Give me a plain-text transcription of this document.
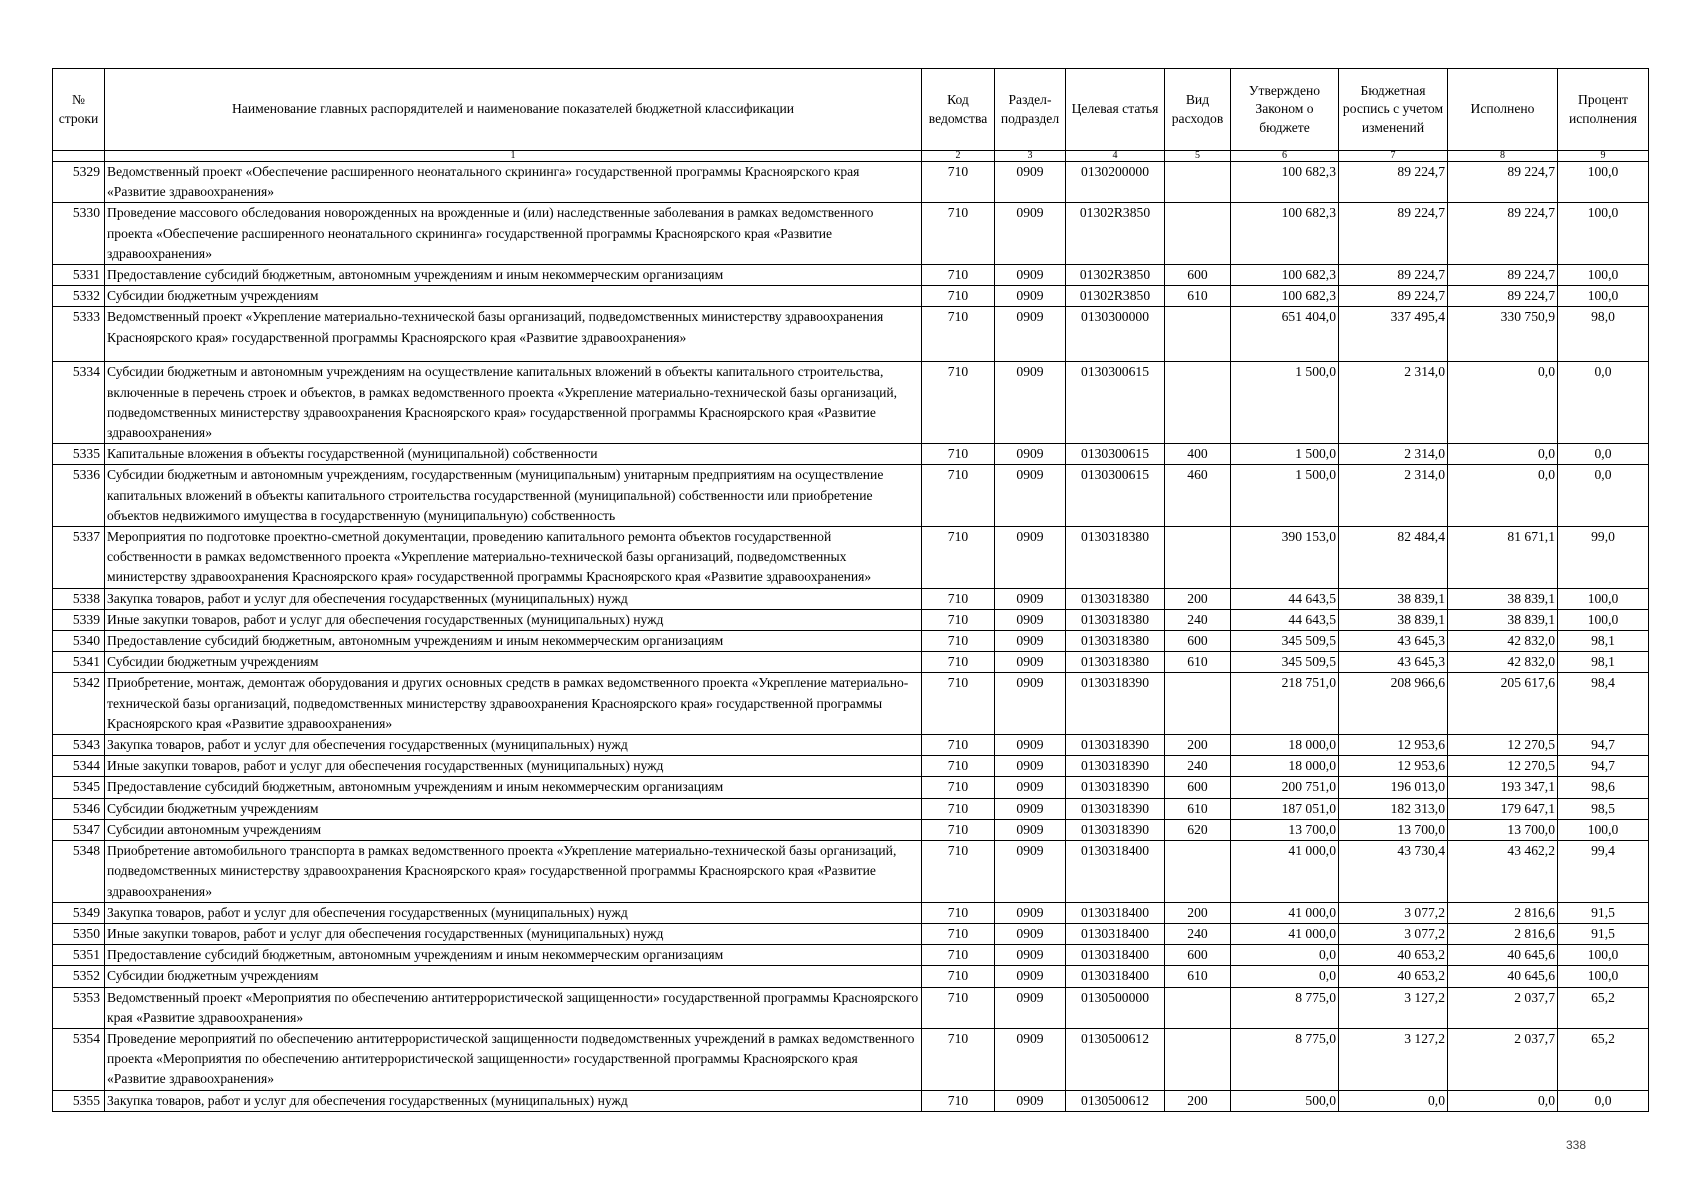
№ строки	Наименование главных распорядителей и наименование показателей бюджетной классификации	Код ведомства	Раздел-подраздел	Целевая статья	Вид расходов	Утверждено Законом о бюджете	Бюджетная роспись с учетом изменений	Исполнено	Процент исполнения
	1	2	3	4	5	6	7	8	9
5329	Ведомственный проект «Обеспечение расширенного неонатального скрининга» государственной программы Красноярского края «Развитие здравоохранения»	710	0909	0130200000		100 682,3	89 224,7	89 224,7	100,0
5330	Проведение массового обследования новорожденных на врожденные и (или) наследственные заболевания в рамках ведомственного проекта «Обеспечение расширенного неонатального скрининга» государственной программы Красноярского края «Развитие здравоохранения»	710	0909	01302R3850		100 682,3	89 224,7	89 224,7	100,0
5331	Предоставление субсидий бюджетным, автономным учреждениям и иным некоммерческим организациям	710	0909	01302R3850	600	100 682,3	89 224,7	89 224,7	100,0
5332	Субсидии бюджетным учреждениям	710	0909	01302R3850	610	100 682,3	89 224,7	89 224,7	100,0
5333	Ведомственный проект «Укрепление материально-технической базы организаций, подведомственных министерству здравоохранения Красноярского края» государственной программы Красноярского края «Развитие здравоохранения»	710	0909	0130300000		651 404,0	337 495,4	330 750,9	98,0
5334	Субсидии бюджетным и автономным учреждениям на осуществление капитальных вложений в объекты капитального строительства, включенные в перечень строек и объектов, в рамках ведомственного проекта «Укрепление материально-технической базы организаций, подведомственных министерству здравоохранения Красноярского края» государственной программы Красноярского края «Развитие здравоохранения»	710	0909	0130300615		1 500,0	2 314,0	0,0	0,0
5335	Капитальные вложения в объекты государственной (муниципальной) собственности	710	0909	0130300615	400	1 500,0	2 314,0	0,0	0,0
5336	Субсидии бюджетным и автономным учреждениям, государственным (муниципальным) унитарным предприятиям на осуществление капитальных вложений в объекты капитального строительства государственной (муниципальной) собственности или приобретение объектов недвижимого имущества в государственную (муниципальную) собственность	710	0909	0130300615	460	1 500,0	2 314,0	0,0	0,0
5337	Мероприятия по подготовке проектно-сметной документации, проведению капитального ремонта объектов государственной собственности в рамках ведомственного проекта «Укрепление материально-технической базы организаций, подведомственных министерству здравоохранения Красноярского края» государственной программы Красноярского края «Развитие здравоохранения»	710	0909	0130318380		390 153,0	82 484,4	81 671,1	99,0
5338	Закупка товаров, работ и услуг для обеспечения государственных (муниципальных) нужд	710	0909	0130318380	200	44 643,5	38 839,1	38 839,1	100,0
5339	Иные закупки товаров, работ и услуг для обеспечения государственных (муниципальных) нужд	710	0909	0130318380	240	44 643,5	38 839,1	38 839,1	100,0
5340	Предоставление субсидий бюджетным, автономным учреждениям и иным некоммерческим организациям	710	0909	0130318380	600	345 509,5	43 645,3	42 832,0	98,1
5341	Субсидии бюджетным учреждениям	710	0909	0130318380	610	345 509,5	43 645,3	42 832,0	98,1
5342	Приобретение, монтаж, демонтаж оборудования и других основных средств в рамках ведомственного проекта «Укрепление материально-технической базы организаций, подведомственных министерству здравоохранения Красноярского края» государственной программы Красноярского края «Развитие здравоохранения»	710	0909	0130318390		218 751,0	208 966,6	205 617,6	98,4
5343	Закупка товаров, работ и услуг для обеспечения государственных (муниципальных) нужд	710	0909	0130318390	200	18 000,0	12 953,6	12 270,5	94,7
5344	Иные закупки товаров, работ и услуг для обеспечения государственных (муниципальных) нужд	710	0909	0130318390	240	18 000,0	12 953,6	12 270,5	94,7
5345	Предоставление субсидий бюджетным, автономным учреждениям и иным некоммерческим организациям	710	0909	0130318390	600	200 751,0	196 013,0	193 347,1	98,6
5346	Субсидии бюджетным учреждениям	710	0909	0130318390	610	187 051,0	182 313,0	179 647,1	98,5
5347	Субсидии автономным учреждениям	710	0909	0130318390	620	13 700,0	13 700,0	13 700,0	100,0
5348	Приобретение автомобильного транспорта в рамках ведомственного проекта «Укрепление материально-технической базы организаций, подведомственных министерству здравоохранения Красноярского края» государственной программы Красноярского края «Развитие здравоохранения»	710	0909	0130318400		41 000,0	43 730,4	43 462,2	99,4
5349	Закупка товаров, работ и услуг для обеспечения государственных (муниципальных) нужд	710	0909	0130318400	200	41 000,0	3 077,2	2 816,6	91,5
5350	Иные закупки товаров, работ и услуг для обеспечения государственных (муниципальных) нужд	710	0909	0130318400	240	41 000,0	3 077,2	2 816,6	91,5
5351	Предоставление субсидий бюджетным, автономным учреждениям и иным некоммерческим организациям	710	0909	0130318400	600	0,0	40 653,2	40 645,6	100,0
5352	Субсидии бюджетным учреждениям	710	0909	0130318400	610	0,0	40 653,2	40 645,6	100,0
5353	Ведомственный проект «Мероприятия по обеспечению антитеррористической защищенности» государственной программы Красноярского края «Развитие здравоохранения»	710	0909	0130500000		8 775,0	3 127,2	2 037,7	65,2
5354	Проведение мероприятий по обеспечению антитеррористической защищенности подведомственных учреждений в рамках ведомственного проекта «Мероприятия по обеспечению антитеррористической защищенности» государственной программы Красноярского края «Развитие здравоохранения»	710	0909	0130500612		8 775,0	3 127,2	2 037,7	65,2
5355	Закупка товаров, работ и услуг для обеспечения государственных (муниципальных) нужд	710	0909	0130500612	200	500,0	0,0	0,0	0,0
338
